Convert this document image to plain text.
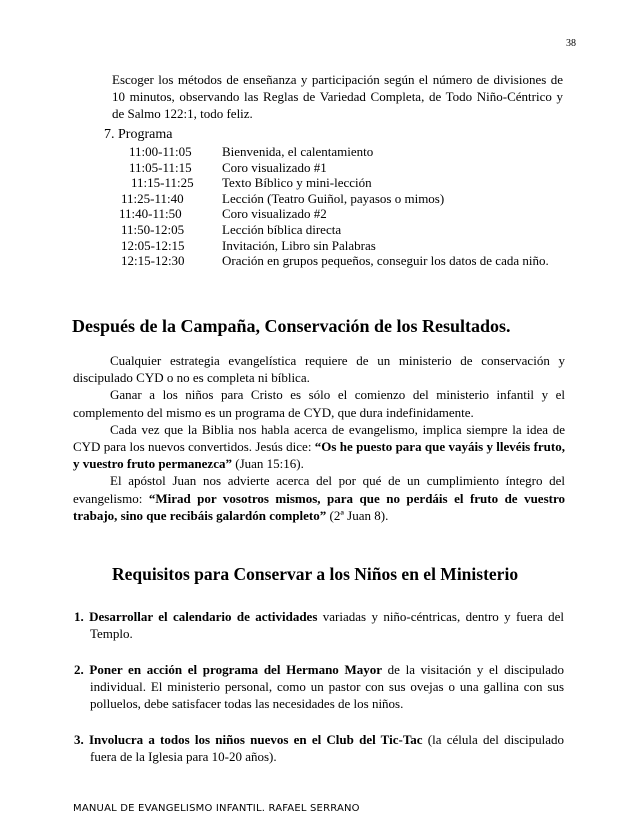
38
Escoger los métodos de enseñanza y participación según el número de divisiones de 10 minutos, observando las Reglas de Variedad Completa, de Todo Niño-Céntrico y de Salmo 122:1, todo feliz.
7. Programa
11:00-11:05 Bienvenida, el calentamiento
11:05-11:15 Coro visualizado #1
11:15-11:25 Texto Bíblico y mini-lección
11:25-11:40	Lección (Teatro Guiñol, payasos o mimos)
11:40-11:50	Coro visualizado #2
11:50-12:05	Lección bíblica directa
12:05-12:15	Invitación, Libro sin Palabras
12:15-12:30	Oración en grupos pequeños, conseguir los datos de cada niño.
Después de la Campaña, Conservación de los Resultados.

Cualquier estrategia evangelística requiere de un ministerio de conservación y discipulado CYD o no es completa ni bíblica.

Ganar a los niños para Cristo es sólo el comienzo del ministerio infantil y el complemento del mismo es un programa de CYD, que dura indefinidamente.

Cada vez que la Biblia nos habla acerca de evangelismo, implica siempre la idea de CYD para los nuevos convertidos. Jesús dice: “Os he puesto para que vayáis y llevéis fruto, y vuestro fruto permanezca” (Juan 15:16).

El apóstol Juan nos advierte acerca del por qué de un cumplimiento íntegro del evangelismo: “Mirad por vosotros mismos, para que no perdáis el fruto de vuestro trabajo, sino que recibáis galardón completo” (2ª Juan 8).

Requisitos para Conservar a los Niños en el Ministerio
1. Desarrollar el calendario de actividades variadas y niño-céntricas, dentro y fuera del Templo.
2. Poner en acción el programa del Hermano Mayor de la visitación y el discipulado individual. El ministerio personal, como un pastor con sus ovejas o una gallina con sus polluelos, debe satisfacer todas las necesidades de los niños.
3. Involucra a todos los niños nuevos en el Club del Tic-Tac (la célula del discipulado fuera de la Iglesia para 10-20 años).
MANUAL DE EVANGELISMO INFANTIL. RAFAEL SERRANO
